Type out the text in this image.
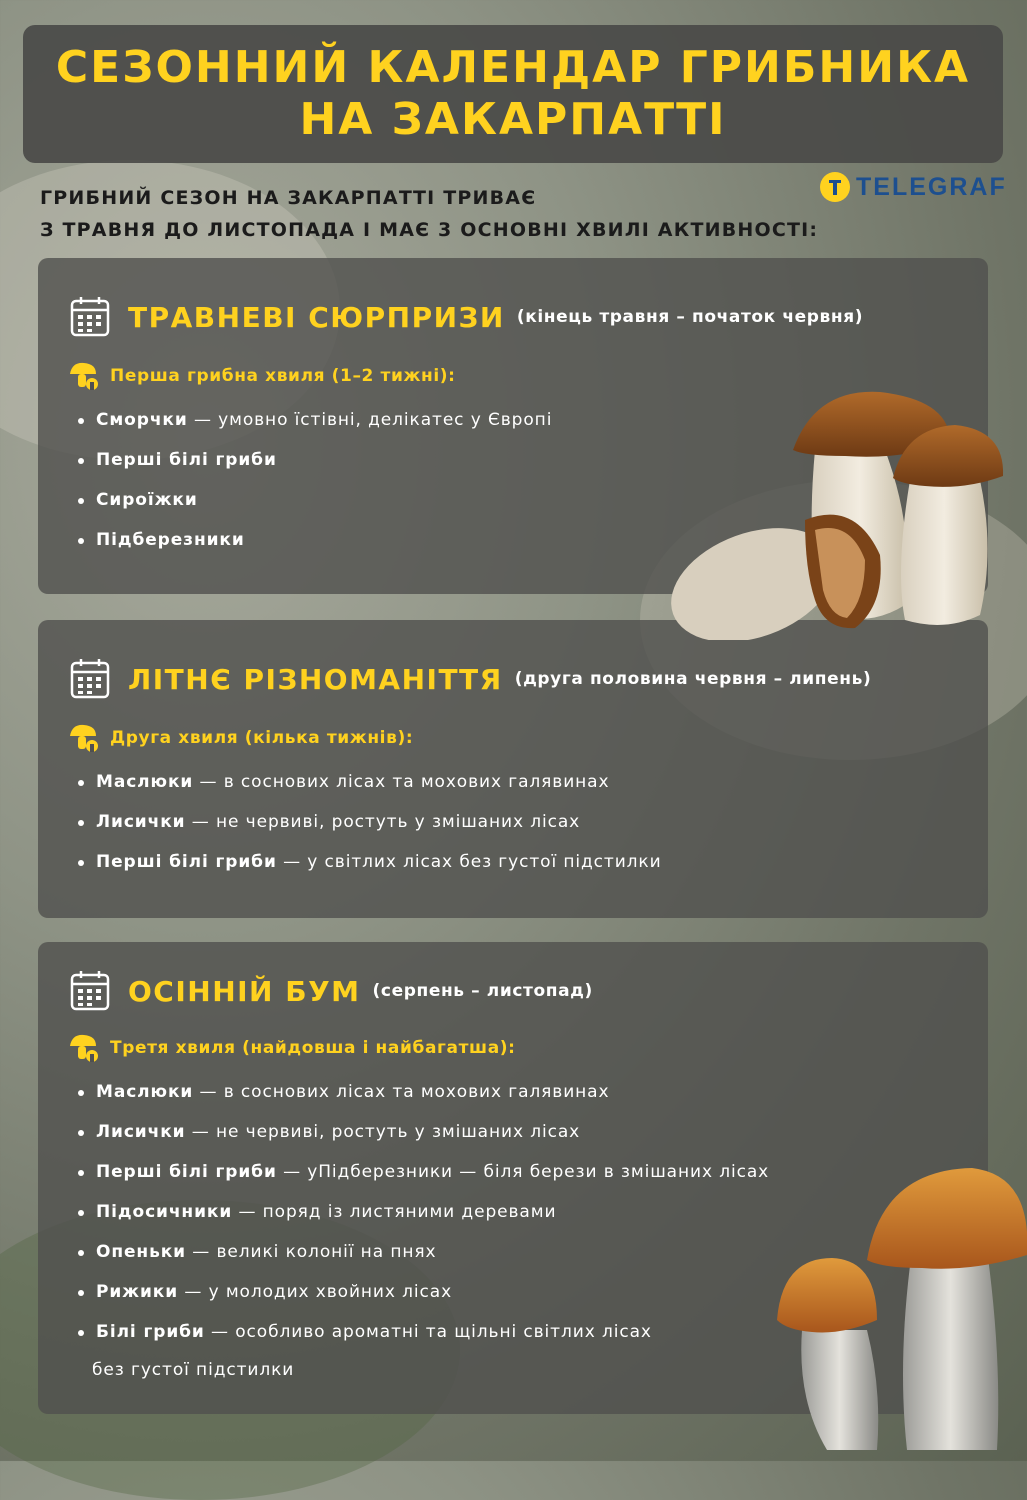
СЕЗОННИЙ КАЛЕНДАР ГРИБНИКА
НА ЗАКАРПАТТІ
ГРИБНИЙ СЕЗОН НА ЗАКАРПАТТІ ТРИВАЄ
З ТРАВНЯ ДО ЛИСТОПАДА І МАЄ 3 ОСНОВНІ ХВИЛІ АКТИВНОСТІ:
TELEGRAF
ТРАВНЕВІ СЮРПРИЗИ (кінець травня – початок червня)
Перша грибна хвиля (1–2 тижні):
Сморчки — умовно їстівні, делікатес у Європі
Перші білі гриби
Сироїжки
Підберезники
ЛІТНЄ РІЗНОМАНІТТЯ (друга половина червня – липень)
Друга хвиля (кілька тижнів):
Маслюки — в соснових лісах та мохових галявинах
Лисички — не червиві, ростуть у змішаних лісах
Перші білі гриби — у світлих лісах без густої підстилки
ОСІННІЙ БУМ (серпень – листопад)
Третя хвиля (найдовша і найбагатша):
Маслюки — в соснових лісах та мохових галявинах
Лисички — не червиві, ростуть у змішаних лісах
Перші білі гриби — уПідберезники — біля берези в змішаних лісах
Підосичники — поряд із листяними деревами
Опеньки — великі колонії на пнях
Рижики — у молодих хвойних лісах
Білі гриби — особливо ароматні та щільні світлих лісах
без густої підстилки
